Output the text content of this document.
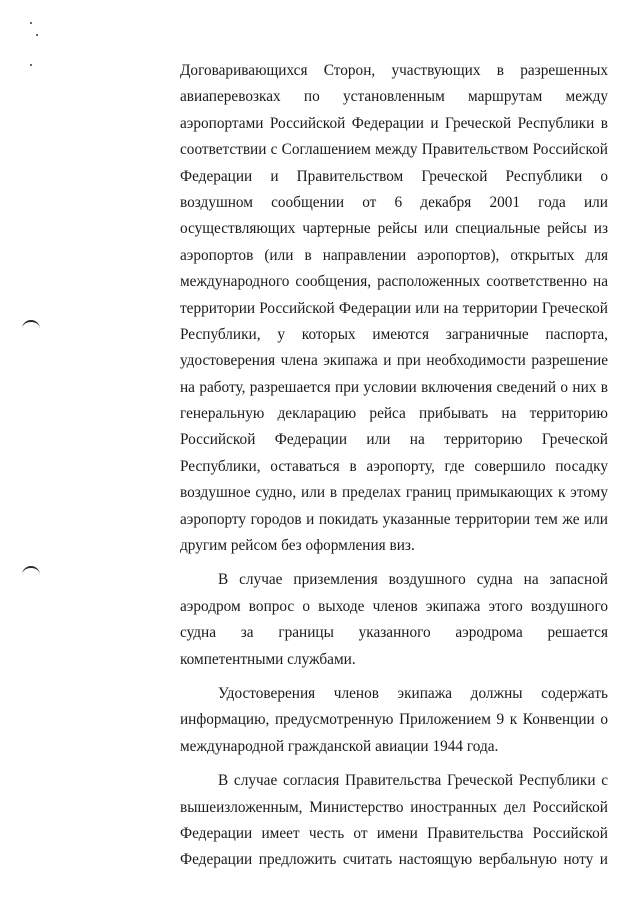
Договаривающихся Сторон, участвующих в разрешенных
авиаперевозках по установленным маршрутам между
аэропортами Российской Федерации и Греческой Республики в
соответствии с Соглашением между Правительством Российской
Федерации и Правительством Греческой Республики о
воздушном сообщении от 6 декабря 2001 года или
осуществляющих чартерные рейсы или специальные рейсы из
аэропортов (или в направлении аэропортов), открытых для
международного сообщения, расположенных соответственно на
территории Российской Федерации или на территории Греческой
Республики, у которых имеются заграничные паспорта,
удостоверения члена экипажа и при необходимости разрешение
на работу, разрешается при условии включения сведений о них в
генеральную декларацию рейса прибывать на территорию
Российской Федерации или на территорию Греческой
Республики, оставаться в аэропорту, где совершило посадку
воздушное судно, или в пределах границ примыкающих к этому
аэропорту городов и покидать указанные территории тем же или
другим рейсом без оформления виз.
В случае приземления воздушного судна на запасной
аэродром вопрос о выходе членов экипажа этого воздушного
судна за границы указанного аэродрома решается
компетентными службами.
Удостоверения членов экипажа должны содержать
информацию, предусмотренную Приложением 9 к Конвенции о
международной гражданской авиации 1944 года.
В случае согласия Правительства Греческой Республики с
вышеизложенным, Министерство иностранных дел Российской
Федерации имеет честь от имени Правительства Российской
Федерации предложить считать настоящую вербальную ноту и
